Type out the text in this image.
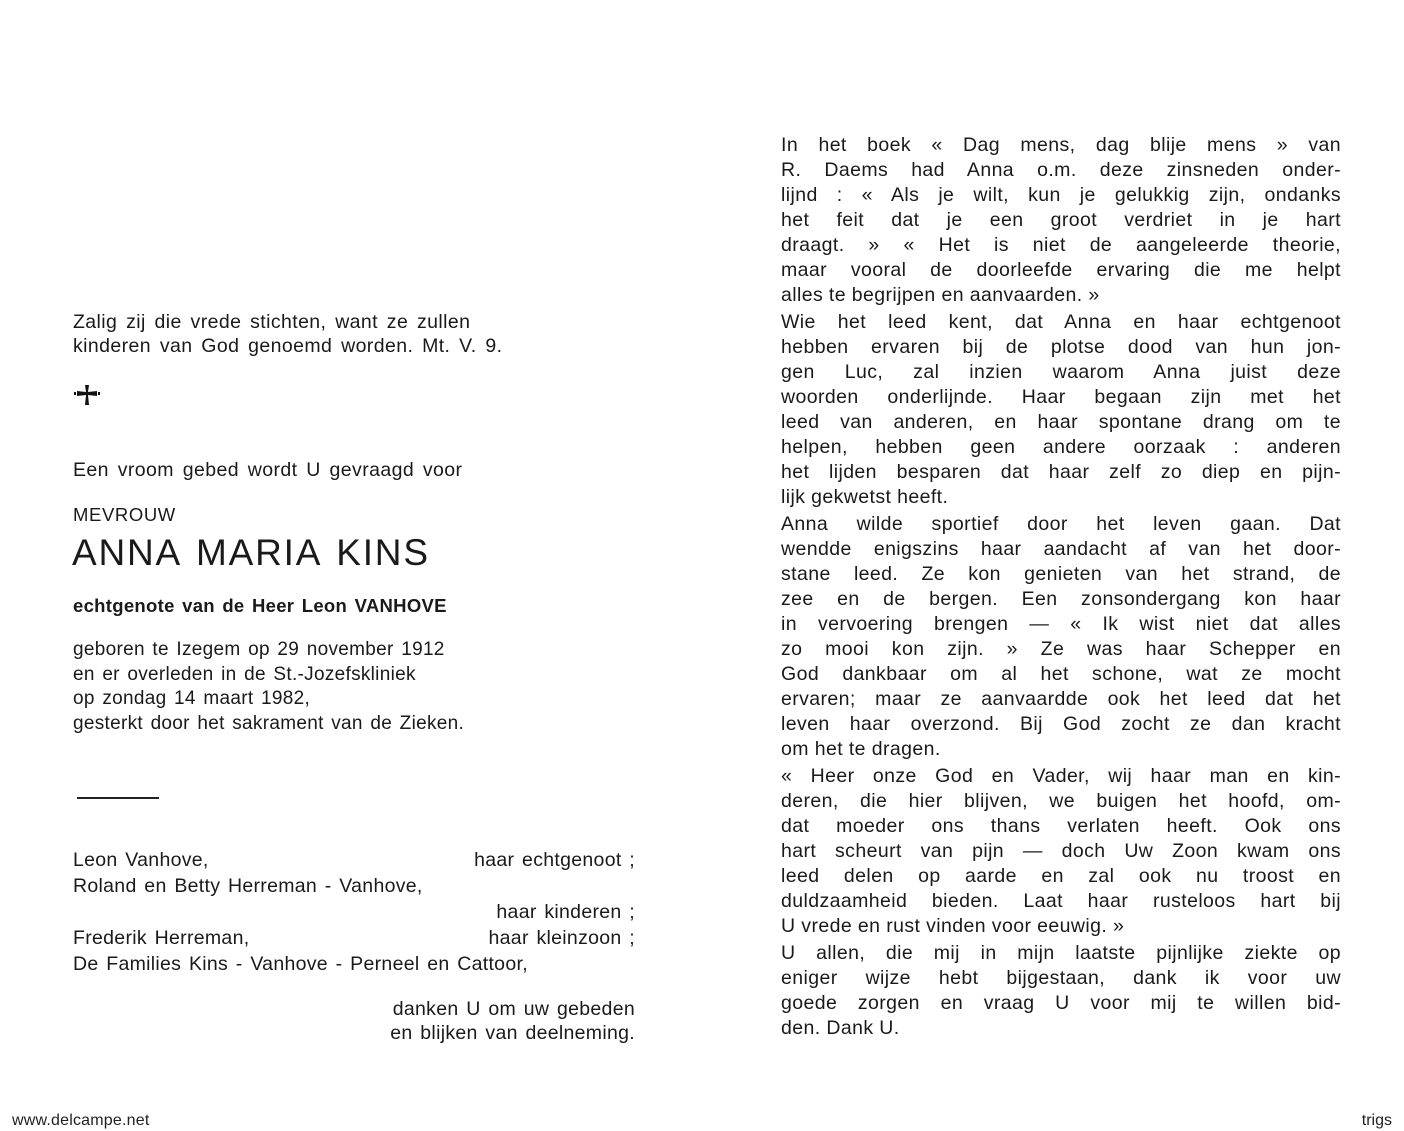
Zalig zij die vrede stichten, want ze zullen

kinderen van God genoemd worden. Mt. V. 9.

Een vroom gebed wordt U gevraagd voor
MEVROUW
ANNA MARIA KINS
echtgenote van de Heer Leon VANHOVE
geboren te Izegem op 29 november 1912
en er overleden in de St.-Jozefskliniek
op zondag 14 maart 1982,
gesterkt door het sakrament van de Zieken.
Leon Vanhove,	haar echtgenoot ;
Roland en Betty Herreman - Vanhove,
haar kinderen ;
Frederik Herreman,	haar kleinzoon ;
De Families Kins - Vanhove - Perneel en Cattoor,
danken U om uw gebeden
en blijken van deelneming.
In het boek « Dag mens, dag blije mens » van
R. Daems had Anna o.m. deze zinsneden onder-
lijnd : « Als je wilt, kun je gelukkig zijn, ondanks
het feit dat je een groot verdriet in je hart
draagt. » « Het is niet de aangeleerde theorie,
maar vooral de doorleefde ervaring die me helpt
alles te begrijpen en aanvaarden. »
Wie het leed kent, dat Anna en haar echtgenoot
hebben ervaren bij de plotse dood van hun jon-
gen Luc, zal inzien waarom Anna juist deze
woorden onderlijnde. Haar begaan zijn met het
leed van anderen, en haar spontane drang om te
helpen, hebben geen andere oorzaak : anderen
het lijden besparen dat haar zelf zo diep en pijn-
lijk gekwetst heeft.
Anna wilde sportief door het leven gaan. Dat
wendde enigszins haar aandacht af van het door-
stane leed. Ze kon genieten van het strand, de
zee en de bergen. Een zonsondergang kon haar
in vervoering brengen — « Ik wist niet dat alles
zo mooi kon zijn. » Ze was haar Schepper en
God dankbaar om al het schone, wat ze mocht
ervaren; maar ze aanvaardde ook het leed dat het
leven haar overzond. Bij God zocht ze dan kracht
om het te dragen.
« Heer onze God en Vader, wij haar man en kin-
deren, die hier blijven, we buigen het hoofd, om-
dat moeder ons thans verlaten heeft. Ook ons
hart scheurt van pijn — doch Uw Zoon kwam ons
leed delen op aarde en zal ook nu troost en
duldzaamheid bieden. Laat haar rusteloos hart bij
U vrede en rust vinden voor eeuwig. »
U allen, die mij in mijn laatste pijnlijke ziekte op
eniger wijze hebt bijgestaan, dank ik voor uw
goede zorgen en vraag U voor mij te willen bid-
den. Dank U.
www.delcampe.net	trigs
